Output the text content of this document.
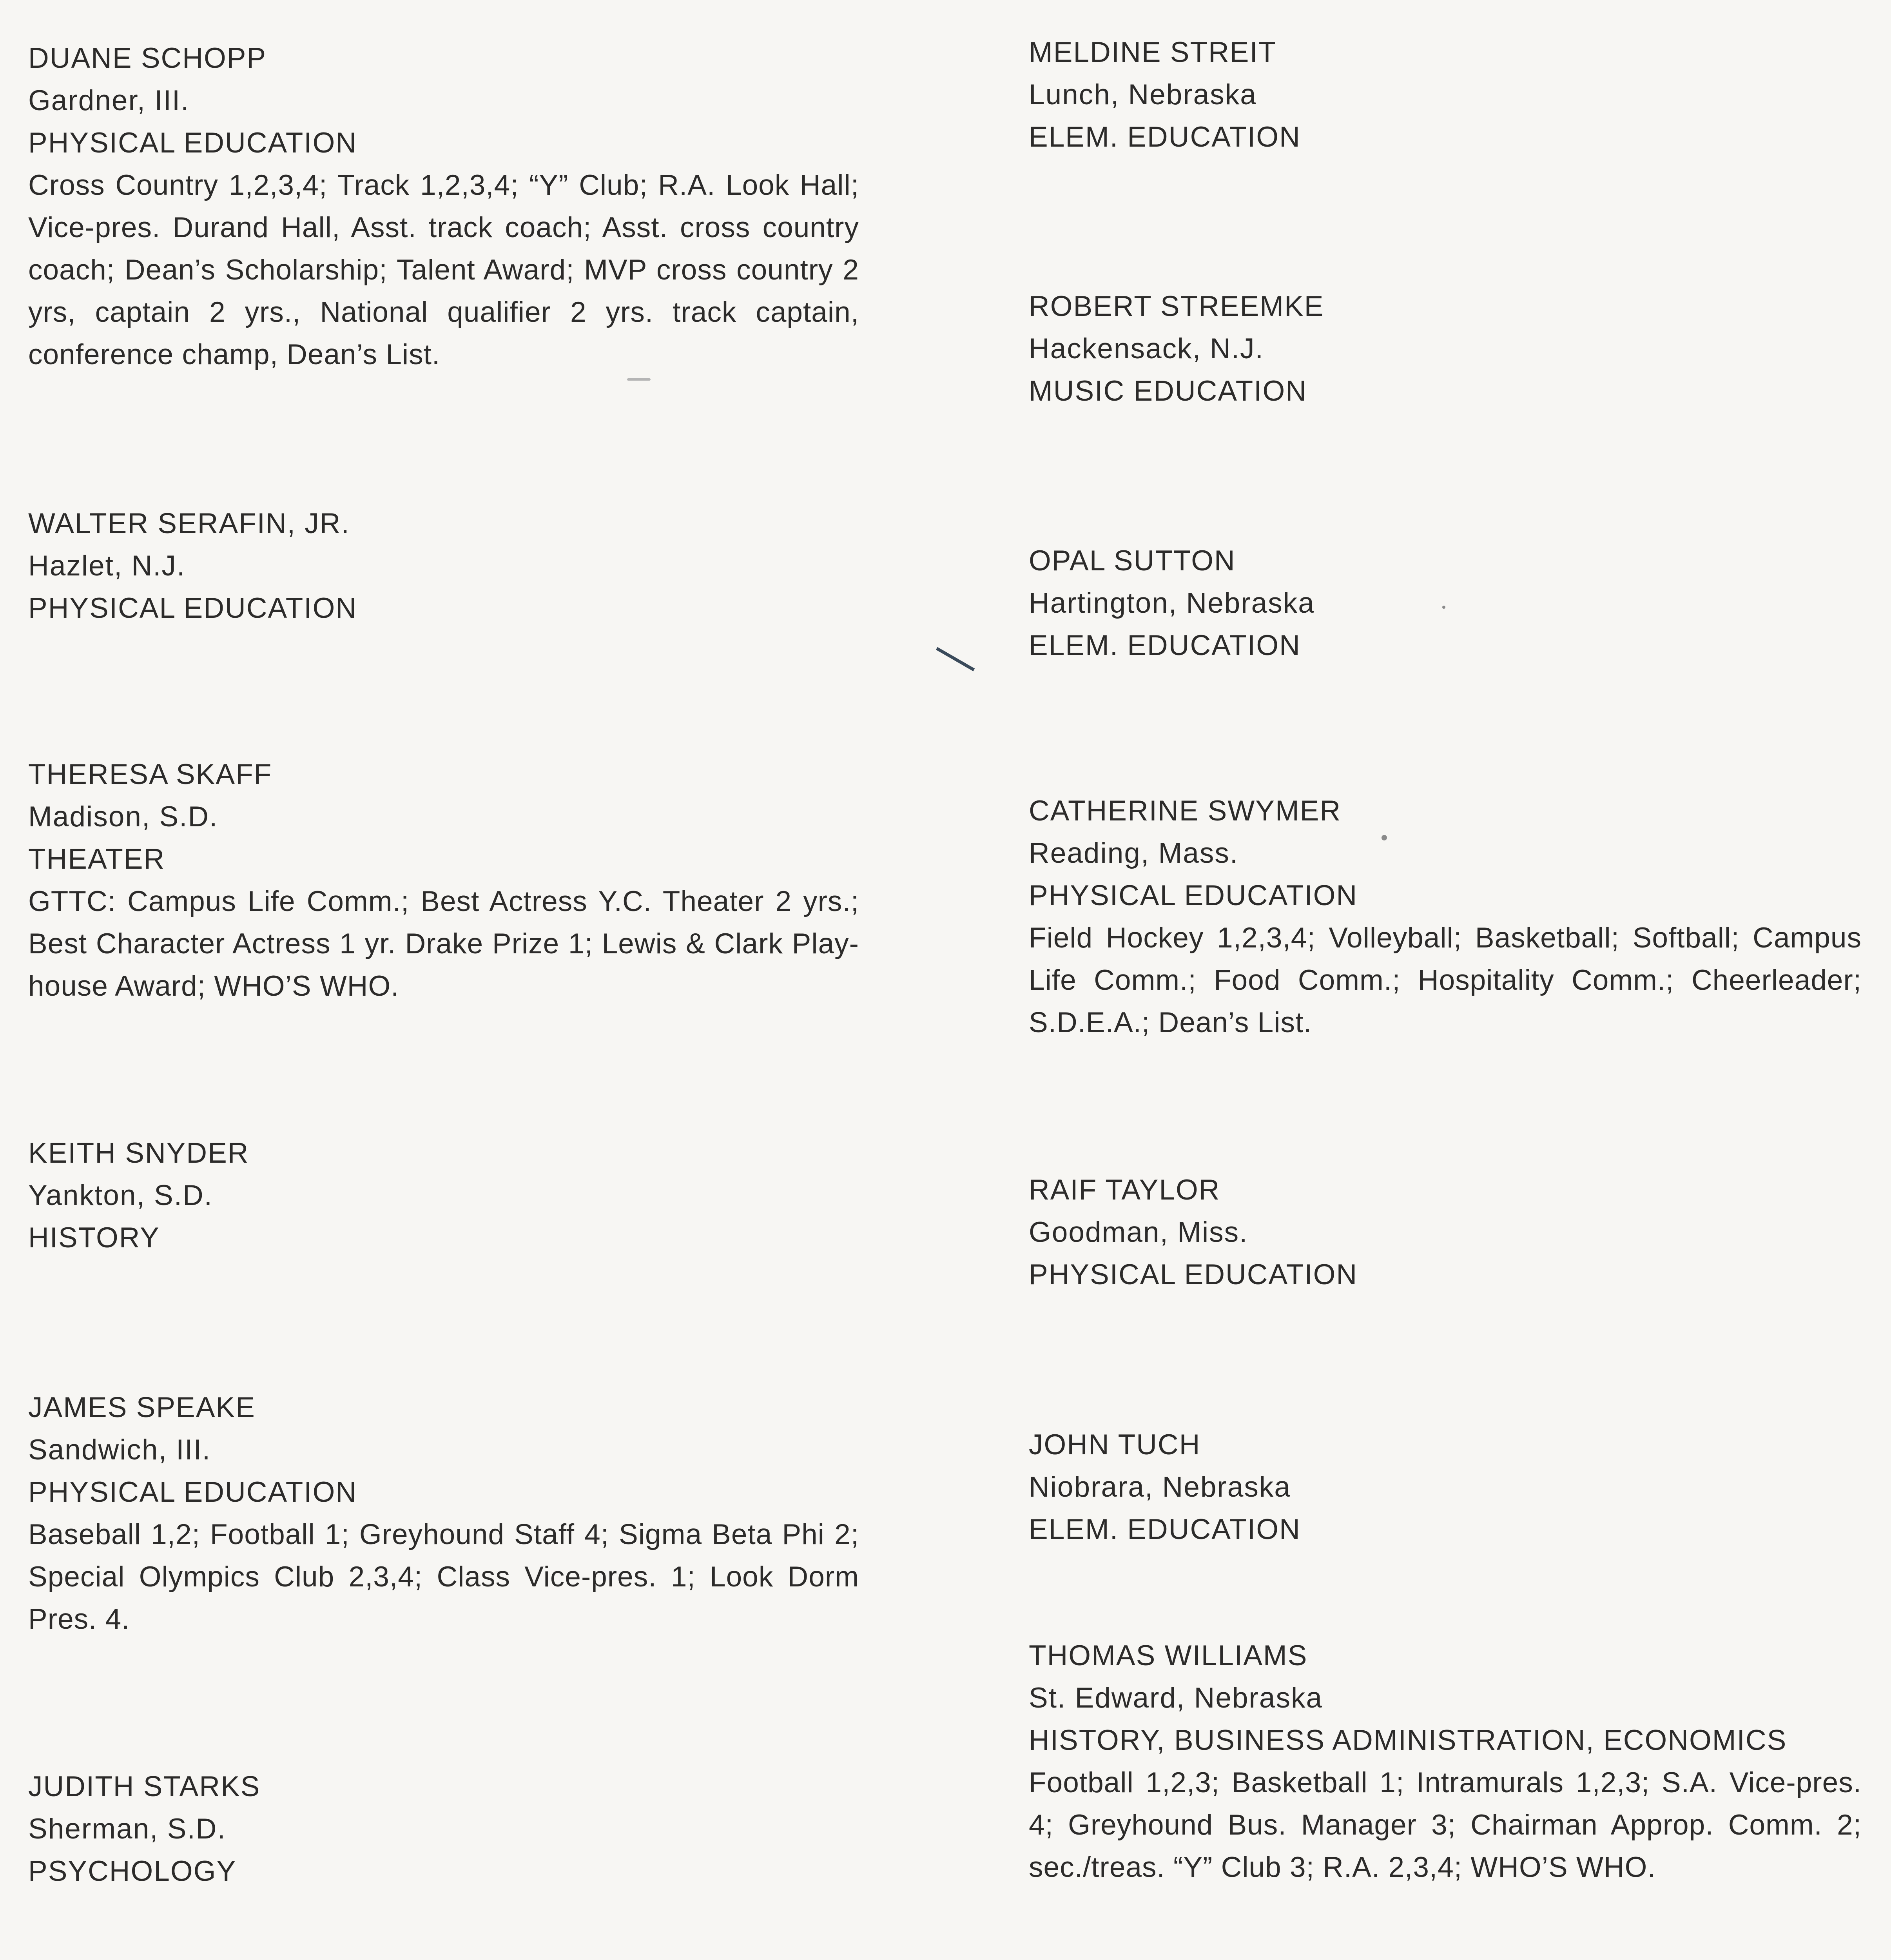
DUANE SCHOPP
Gardner, III.
PHYSICAL EDUCATION
Cross Country 1,2,3,4; Track 1,2,3,4; “Y” Club; R.A. Look Hall; Vice-pres. Durand Hall, Asst. track coach; Asst. cross country coach; Dean’s Scholarship; Talent Award; MVP cross country 2 yrs, captain 2 yrs., National qualifier 2 yrs. track captain, conference champ, Dean’s List.
WALTER SERAFIN, JR.
Hazlet, N.J.
PHYSICAL EDUCATION
THERESA SKAFF
Madison, S.D.
THEATER
GTTC: Campus Life Comm.; Best Actress Y.C. Theater 2 yrs.; Best Character Actress 1 yr. Drake Prize 1; Lewis & Clark Play-house Award; WHO’S WHO.
KEITH SNYDER
Yankton, S.D.
HISTORY
JAMES SPEAKE
Sandwich, III.
PHYSICAL EDUCATION
Baseball 1,2; Football 1; Greyhound Staff 4; Sigma Beta Phi 2; Special Olympics Club 2,3,4; Class Vice-pres. 1; Look Dorm Pres. 4.
JUDITH STARKS
Sherman, S.D.
PSYCHOLOGY
MELDINE STREIT
Lunch, Nebraska
ELEM. EDUCATION
ROBERT STREEMKE
Hackensack, N.J.
MUSIC EDUCATION
OPAL SUTTON
Hartington, Nebraska
ELEM. EDUCATION
CATHERINE SWYMER
Reading, Mass.
PHYSICAL EDUCATION
Field Hockey 1,2,3,4; Volleyball; Basketball; Softball; Campus Life Comm.; Food Comm.; Hospitality Comm.; Cheerleader; S.D.E.A.; Dean’s List.
RAIF TAYLOR
Goodman, Miss.
PHYSICAL EDUCATION
JOHN TUCH
Niobrara, Nebraska
ELEM. EDUCATION
THOMAS WILLIAMS
St. Edward, Nebraska
HISTORY, BUSINESS ADMINISTRATION, ECONOMICS
Football 1,2,3; Basketball 1; Intramurals 1,2,3; S.A. Vice-pres. 4; Greyhound Bus. Manager 3; Chairman Approp. Comm. 2; sec./treas. “Y” Club 3; R.A. 2,3,4; WHO’S WHO.
